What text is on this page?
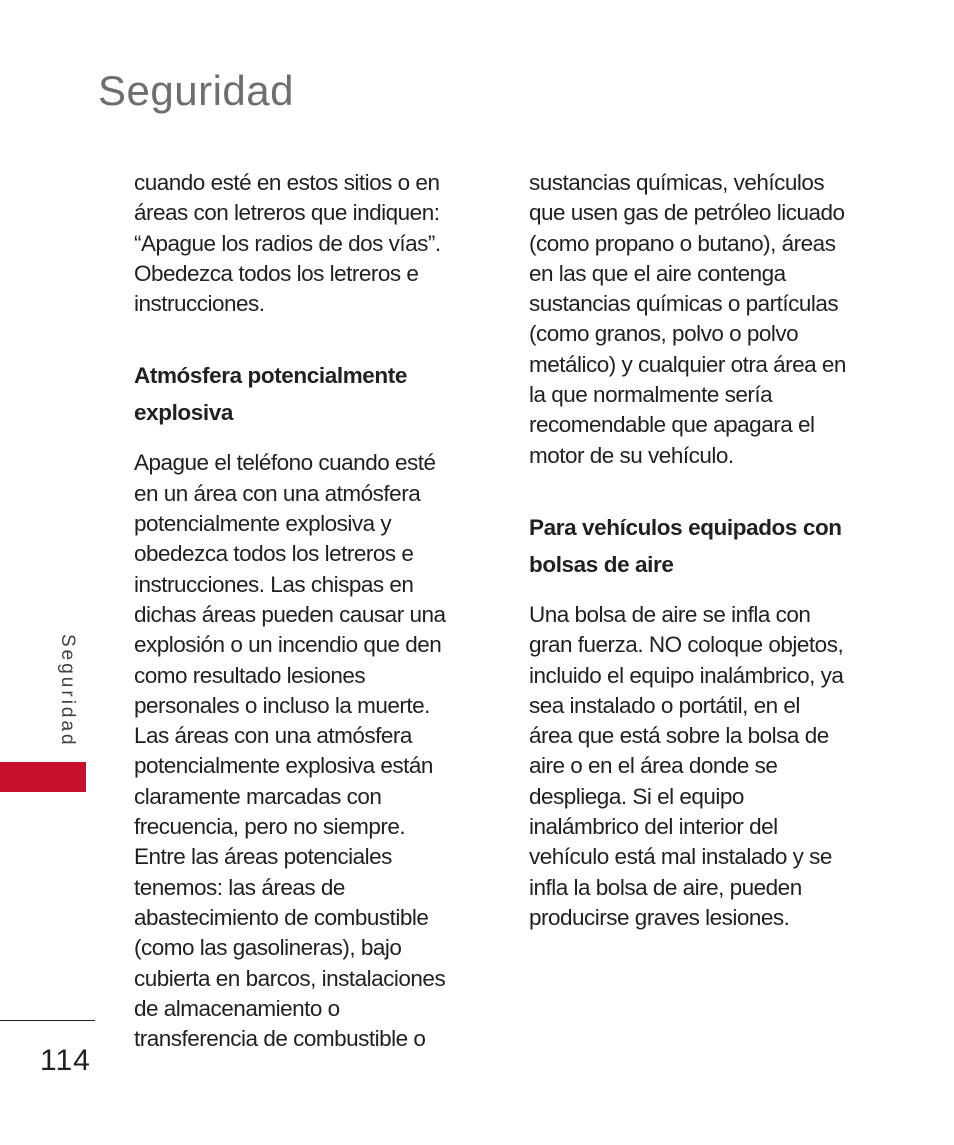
Seguridad

cuando esté en estos sitios o en
áreas con letreros que indiquen:
“Apague los radios de dos vías”.
Obedezca todos los letreros e
instrucciones.

Atmósfera potencialmente
explosiva

Apague el teléfono cuando esté
en un área con una atmósfera
potencialmente explosiva y
obedezca todos los letreros e
instrucciones. Las chispas en
dichas áreas pueden causar una
explosión o un incendio que den
como resultado lesiones
personales o incluso la muerte.
Las áreas con una atmósfera
potencialmente explosiva están
claramente marcadas con
frecuencia, pero no siempre.
Entre las áreas potenciales
tenemos: las áreas de
abastecimiento de combustible
(como las gasolineras), bajo
cubierta en barcos, instalaciones
de almacenamiento o
transferencia de combustible o

sustancias químicas, vehículos
que usen gas de petróleo licuado
(como propano o butano), áreas
en las que el aire contenga
sustancias químicas o partículas
(como granos, polvo o polvo
metálico) y cualquier otra área en
la que normalmente sería
recomendable que apagara el
motor de su vehículo.

Para vehículos equipados con
bolsas de aire

Una bolsa de aire se infla con
gran fuerza. NO coloque objetos,
incluido el equipo inalámbrico, ya
sea instalado o portátil, en el
área que está sobre la bolsa de
aire o en el área donde se
despliega. Si el equipo
inalámbrico del interior del
vehículo está mal instalado y se
infla la bolsa de aire, pueden
producirse graves lesiones.

Seguridad
114
